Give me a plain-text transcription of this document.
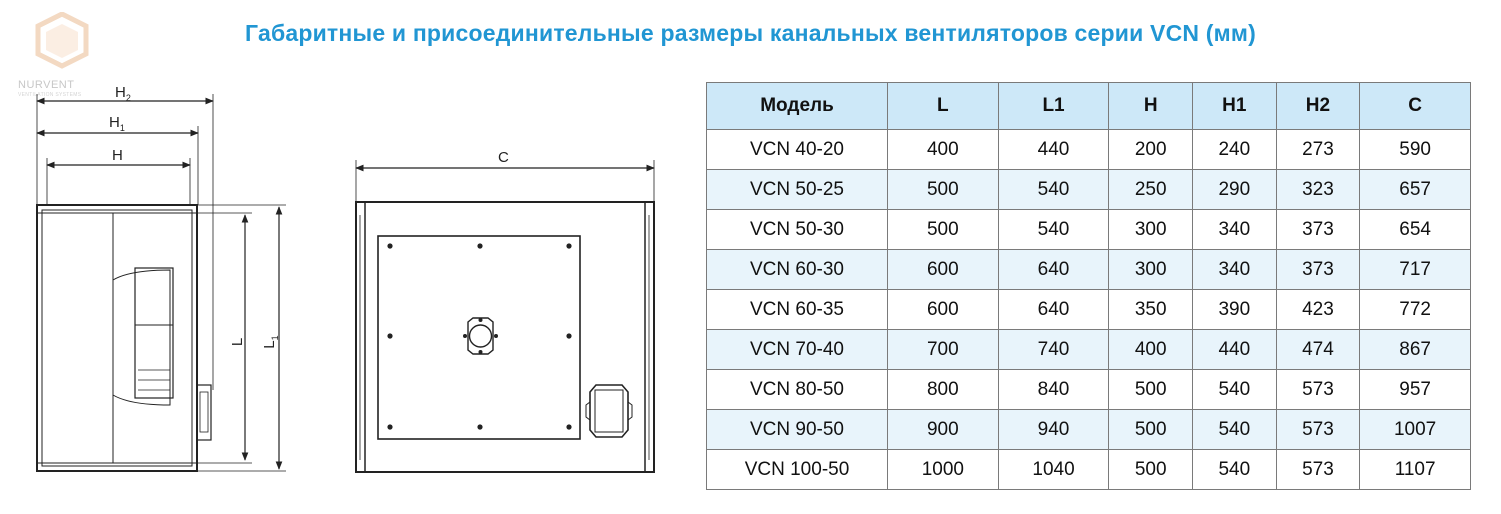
Габаритные и присоединительные размеры канальных вентиляторов серии VCN (мм)
NURVENT
VENTILATION SYSTEMS $H_2$
$H_1$
H
L $L_1$
C
Модель	L	L1	H	H1	H2	C
VCN 40-20	400	440	200	240	273	590
VCN 50-25	500	540	250	290	323	657
VCN 50-30	500	540	300	340	373	654
VCN 60-30	600	640	300	340	373	717
VCN 60-35	600	640	350	390	423	772
VCN 70-40	700	740	400	440	474	867
VCN 80-50	800	840	500	540	573	957
VCN 90-50	900	940	500	540	573	1007
VCN 100-50	1000	1040	500	540	573	1107
